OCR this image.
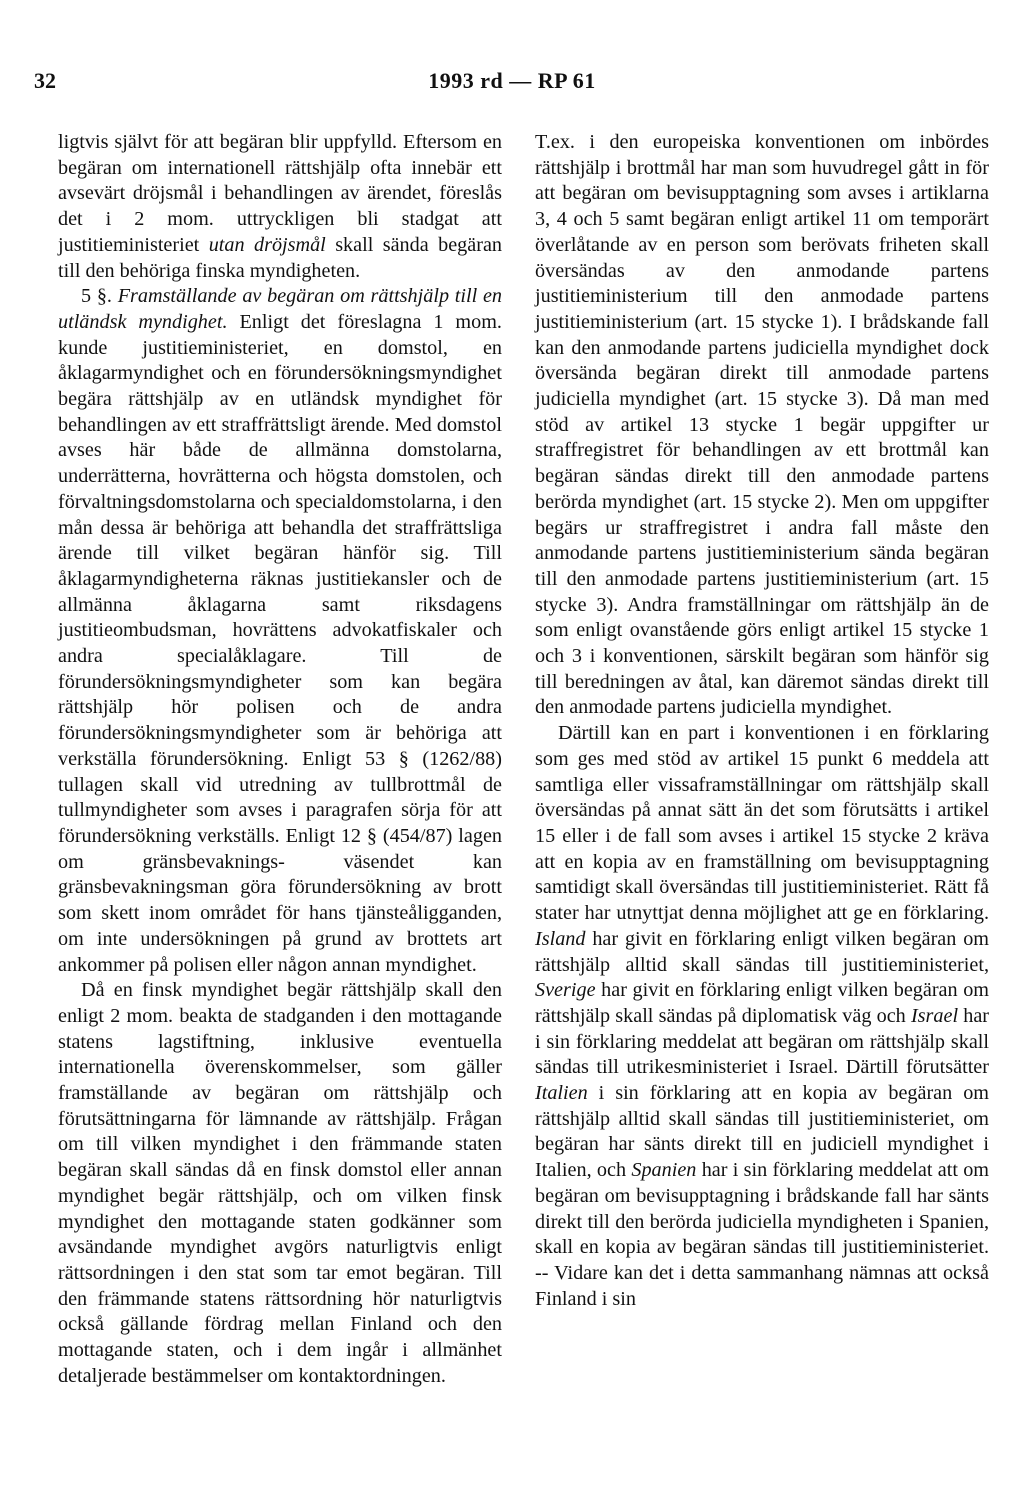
32	1993 rd — RP 61

ligtvis självt för att begäran blir uppfylld. Eftersom en begäran om internationell rättshjälp ofta innebär ett avsevärt dröjsmål i behandlingen av ärendet, föreslås det i 2 mom. uttryckligen bli stadgat att justitieministeriet utan dröjsmål skall sända begäran till den behöriga finska myndigheten.

5 §. Framställande av begäran om rättshjälp till en utländsk myndighet. Enligt det föreslagna 1 mom. kunde justitieministeriet, en domstol, en åklagarmyndighet och en förundersökningsmyndighet begära rättshjälp av en utländsk myndighet för behandlingen av ett straffrättsligt ärende. Med domstol avses här både de allmänna domstolarna, underrätterna, hovrätterna och högsta domstolen, och förvaltningsdomstolarna och specialdomstolarna, i den mån dessa är behöriga att behandla det straffrättsliga ärende till vilket begäran hänför sig. Till åklagarmyndigheterna räknas justitiekansler och de allmänna åklagarna samt riksdagens justitieombudsman, hovrättens advokatfiskaler och andra specialåklagare. Till de förundersökningsmyndigheter som kan begära rättshjälp hör polisen och de andra förundersökningsmyndigheter som är behöriga att verkställa förundersökning. Enligt 53 § (1262/88) tullagen skall vid utredning av tullbrottmål de tullmyndigheter som avses i paragrafen sörja för att förundersökning verkställs. Enligt 12 § (454/87) lagen om gränsbevaknings- väsendet kan gränsbevakningsman göra förundersökning av brott som skett inom området för hans tjänsteåligganden, om inte undersökningen på grund av brottets art ankommer på polisen eller någon annan myndighet.

Då en finsk myndighet begär rättshjälp skall den enligt 2 mom. beakta de stadganden i den mottagande statens lagstiftning, inklusive eventuella internationella överenskommelser, som gäller framställande av begäran om rättshjälp och förutsättningarna för lämnande av rättshjälp. Frågan om till vilken myndighet i den främmande staten begäran skall sändas då en finsk domstol eller annan myndighet begär rättshjälp, och om vilken finsk myndighet den mottagande staten godkänner som avsändande myndighet avgörs naturligtvis enligt rättsordningen i den stat som tar emot begäran. Till den främmande statens rättsordning hör naturligtvis också gällande fördrag mellan Finland och den mottagande staten, och i dem ingår i allmänhet detaljerade bestämmelser om kontaktordningen.

T.ex. i den europeiska konventionen om inbördes rättshjälp i brottmål har man som huvudregel gått in för att begäran om bevisupptagning som avses i artiklarna 3, 4 och 5 samt begäran enligt artikel 11 om temporärt överlåtande av en person som berövats friheten skall översändas av den anmodande partens justitieministerium till den anmodade partens justitieministerium (art. 15 stycke 1). I brådskande fall kan den anmodande partens judiciella myndighet dock översända begäran direkt till anmodade partens judiciella myndighet (art. 15 stycke 3). Då man med stöd av artikel 13 stycke 1 begär uppgifter ur straffregistret för behandlingen av ett brottmål kan begäran sändas direkt till den anmodade partens berörda myndighet (art. 15 stycke 2). Men om uppgifter begärs ur straffregistret i andra fall måste den anmodande partens justitieministerium sända begäran till den anmodade partens justitieministerium (art. 15 stycke 3). Andra framställningar om rättshjälp än de som enligt ovanstående görs enligt artikel 15 stycke 1 och 3 i konventionen, särskilt begäran som hänför sig till beredningen av åtal, kan däremot sändas direkt till den anmodade partens judiciella myndighet.

Därtill kan en part i konventionen i en förklaring som ges med stöd av artikel 15 punkt 6 meddela att samtliga eller vissaframställningar om rättshjälp skall översändas på annat sätt än det som förutsätts i artikel 15 eller i de fall som avses i artikel 15 stycke 2 kräva att en kopia av en framställning om bevisupptagning samtidigt skall översändas till justitieministeriet. Rätt få stater har utnyttjat denna möjlighet att ge en förklaring. Island har givit en förklaring enligt vilken begäran om rättshjälp alltid skall sändas till justitieministeriet, Sverige har givit en förklaring enligt vilken begäran om rättshjälp skall sändas på diplomatisk väg och Israel har i sin förklaring meddelat att begäran om rättshjälp skall sändas till utrikesministeriet i Israel. Därtill förutsätter Italien i sin förklaring att en kopia av begäran om rättshjälp alltid skall sändas till justitieministeriet, om begäran har sänts direkt till en judiciell myndighet i Italien, och Spanien har i sin förklaring meddelat att om begäran om bevisupptagning i brådskande fall har sänts direkt till den berörda judiciella myndigheten i Spanien, skall en kopia av begäran sändas till justitieministeriet. -- Vidare kan det i detta sammanhang nämnas att också Finland i sin
